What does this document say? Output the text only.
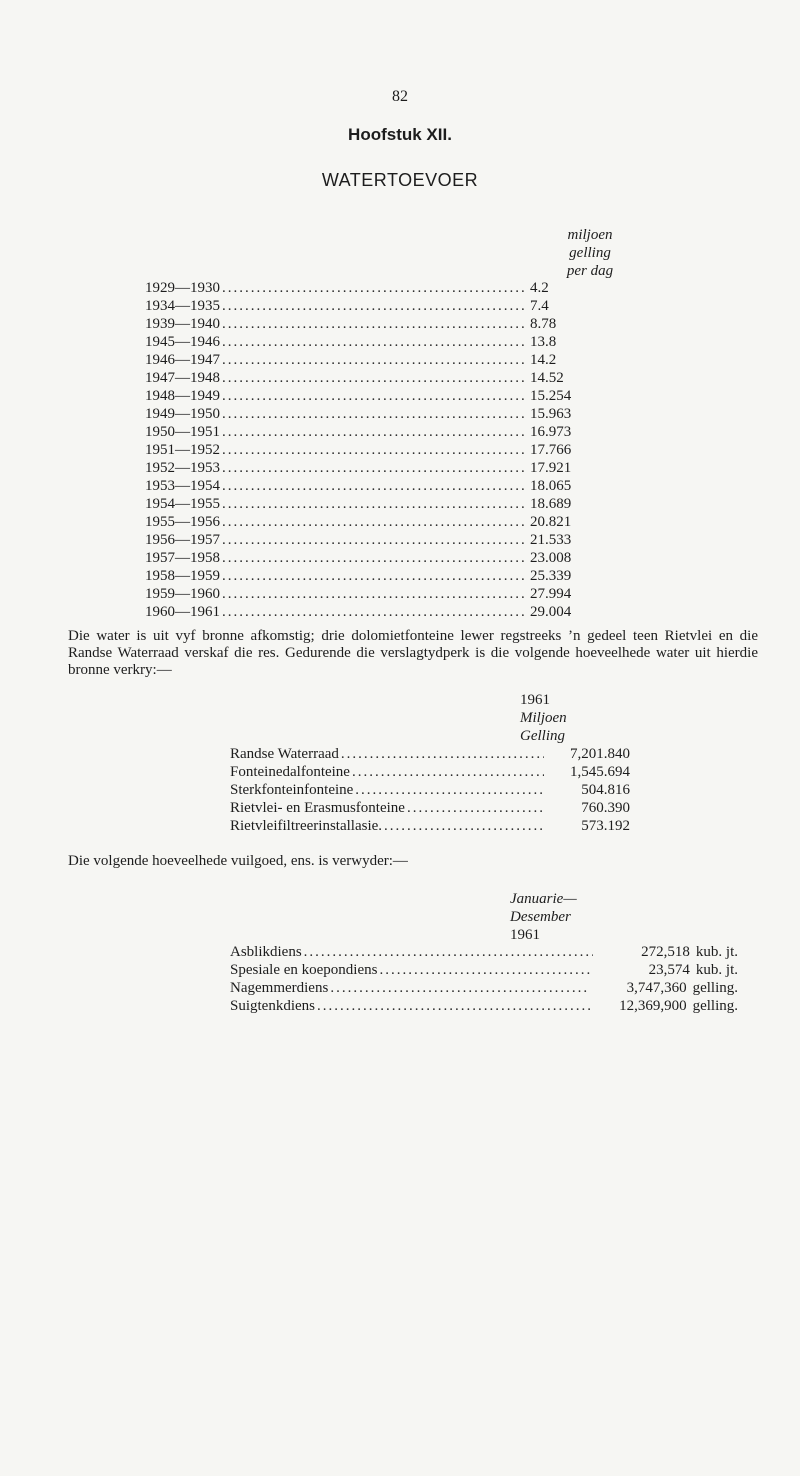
82
Hoofstuk XII.
WATERTOEVOER
miljoen
gelling
per dag
1929—1930 .....	4.2
1934—1935 .....	7.4
1939—1940 .....	8.78
1945—1946 .....	13.8
1946—1947 .....	14.2
1947—1948 .....	14.52
1948—1949 .....	15.254
1949—1950 .....	15.963
1950—1951 .....	16.973
1951—1952 .....	17.766
1952—1953 .....	17.921
1953—1954 .....	18.065
1954—1955 .....	18.689
1955—1956 .....	20.821
1956—1957 .....	21.533
1957—1958 .....	23.008
1958—1959 .....	25.339
1959—1960 .....	27.994
1960—1961 .....	29.004
Die water is uit vyf bronne afkomstig; drie dolomietfonteine lewer regstreeks ’n gedeel teen Rietvlei en die Randse Waterraad verskaf die res. Gedurende die verslagtydperk is die volgende hoeveelhede water uit hierdie bronne verkry:—
1961
Miljoen
Gelling
Randse Waterraad .....	7,201.840
Fonteinedalfonteine .....	1,545.694
Sterkfonteinfonteine .....	504.816
Rietvlei- en Erasmusfonteine .....	760.390
Rietvleifiltreerinstallasie. .....	573.192
Die volgende hoeveelhede vuilgoed, ens. is verwyder:—
Januarie—
Desember
1961
Asblikdiens .....	272,518 kub. jt.
Spesiale en koepondiens .....	23,574 kub. jt.
Nagemmerdiens .....	3,747,360 gelling.
Suigtenkdiens .....	12,369,900 gelling.
